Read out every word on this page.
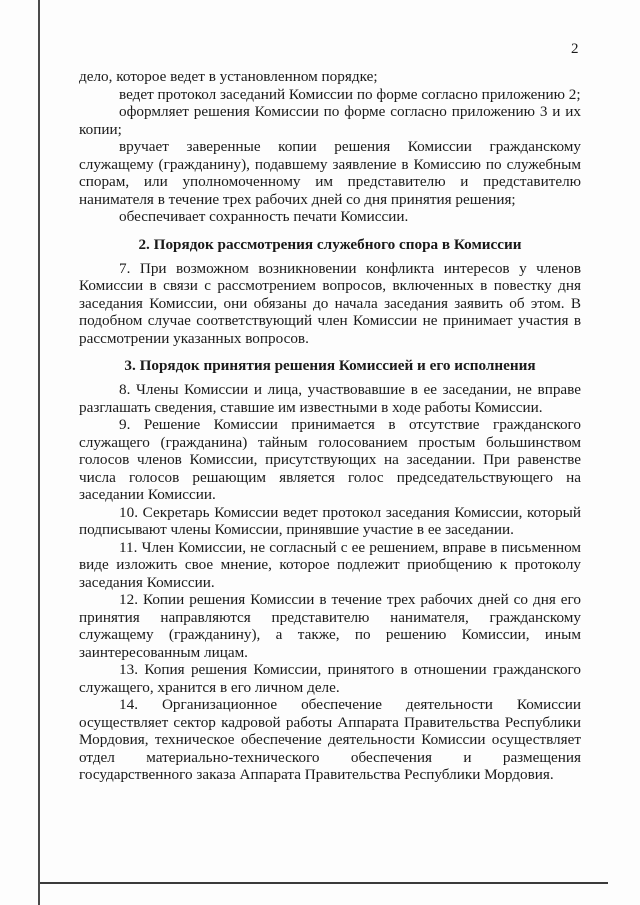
2

дело, которое ведет в установленном порядке;

ведет протокол заседаний Комиссии по форме согласно приложению 2;

оформляет решения Комиссии по форме согласно приложению 3 и их копии;

вручает заверенные копии решения Комиссии гражданскому служащему (гражданину), подавшему заявление в Комиссию по служебным спорам, или уполномоченному им представителю и представителю нанимателя в течение трех рабочих дней со дня принятия решения;

обеспечивает сохранность печати Комиссии.

2. Порядок рассмотрения служебного спора в Комиссии

7. При возможном возникновении конфликта интересов у членов Комиссии в связи с рассмотрением вопросов, включенных в повестку дня заседания Комиссии, они обязаны до начала заседания заявить об этом. В подобном случае соответствующий член Комиссии не принимает участия в рассмотрении указанных вопросов.

3. Порядок принятия решения Комиссией и его исполнения

8. Члены Комиссии и лица, участвовавшие в ее заседании, не вправе разглашать сведения, ставшие им известными в ходе работы Комиссии.

9. Решение Комиссии принимается в отсутствие гражданского служащего (гражданина) тайным голосованием простым большинством голосов членов Комиссии, присутствующих на заседании. При равенстве числа голосов решающим является голос председательствующего на заседании Комиссии.

10. Секретарь Комиссии ведет протокол заседания Комиссии, который подписывают члены Комиссии, принявшие участие в ее заседании.

11. Член Комиссии, не согласный с ее решением, вправе в письменном виде изложить свое мнение, которое подлежит приобщению к протоколу заседания Комиссии.

12. Копии решения Комиссии в течение трех рабочих дней со дня его принятия направляются представителю нанимателя, гражданскому служащему (гражданину), а также, по решению Комиссии, иным заинтересованным лицам.

13. Копия решения Комиссии, принятого в отношении гражданского служащего, хранится в его личном деле.

14. Организационное обеспечение деятельности Комиссии осуществляет сектор кадровой работы Аппарата Правительства Республики Мордовия, техническое обеспечение деятельности Комиссии осуществляет отдел материально-технического обеспечения и размещения государственного заказа Аппарата Правительства Республики Мордовия.
